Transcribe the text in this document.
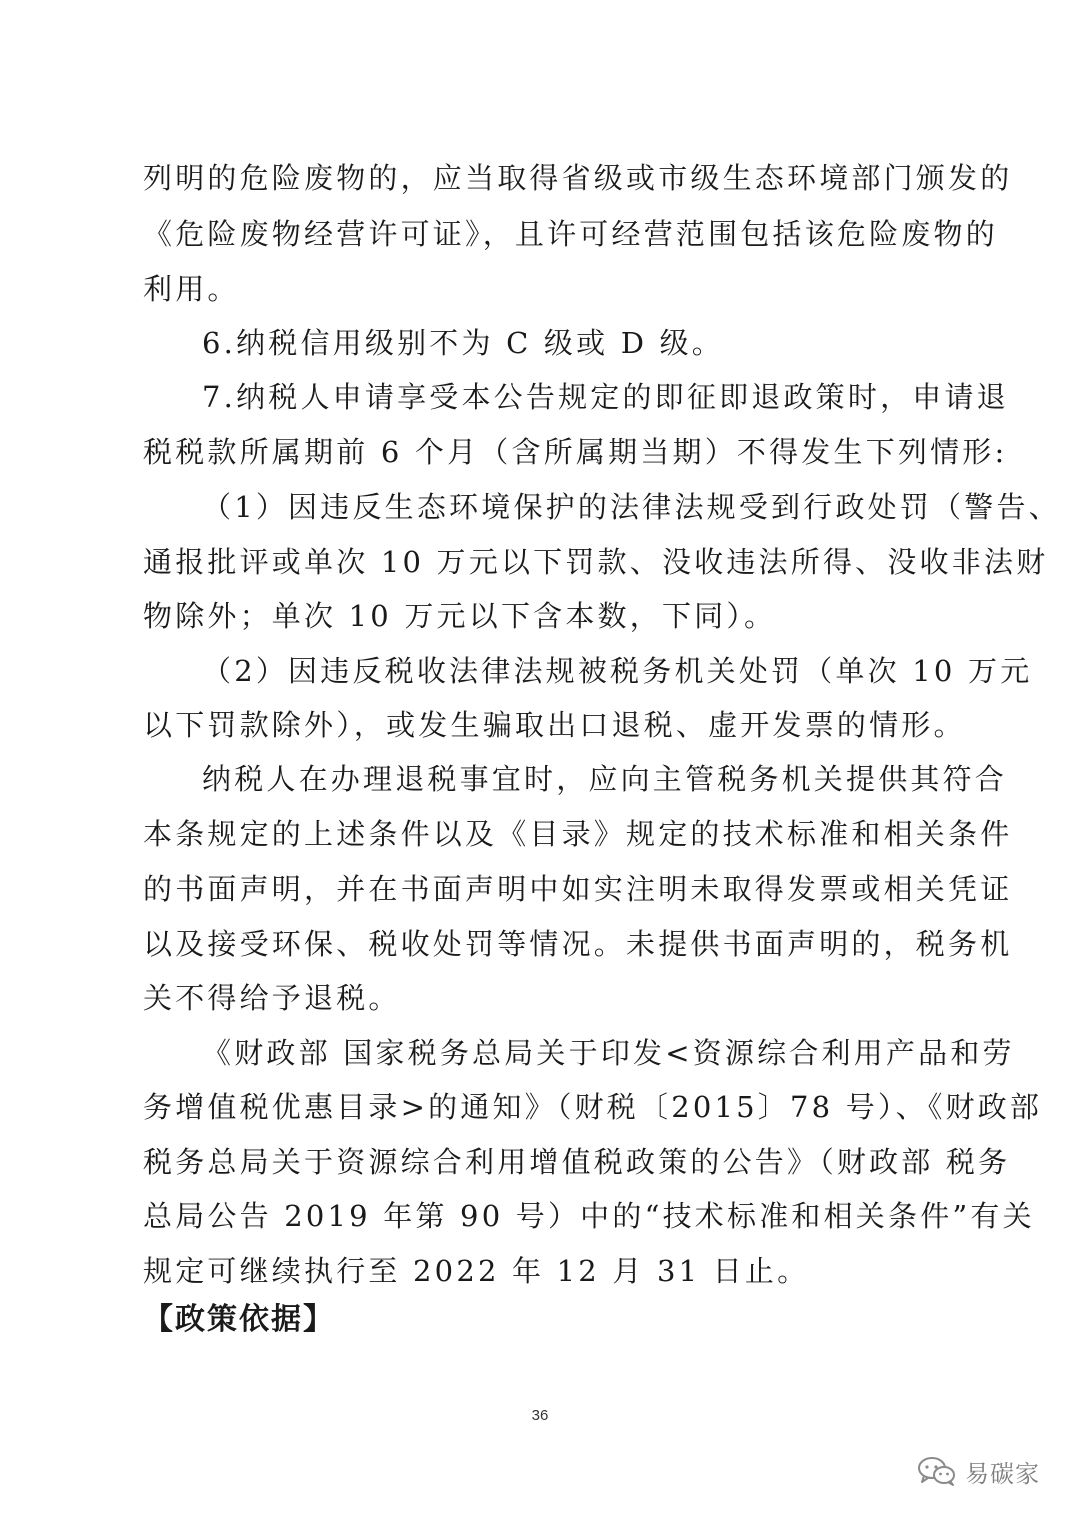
列明的危险废物的，应当取得省级或市级生态环境部门颁发的
《危险废物经营许可证》，且许可经营范围包括该危险废物的
利用。
6.纳税信用级别不为 C 级或 D 级。
7.纳税人申请享受本公告规定的即征即退政策时，申请退
税税款所属期前 6 个月（含所属期当期）不得发生下列情形:
（1）因违反生态环境保护的法律法规受到行政处罚（警告、
通报批评或单次 10 万元以下罚款、没收违法所得、没收非法财
物除外；单次 10 万元以下含本数，下同）。
（2）因违反税收法律法规被税务机关处罚（单次 10 万元
以下罚款除外），或发生骗取出口退税、虚开发票的情形。
纳税人在办理退税事宜时，应向主管税务机关提供其符合
本条规定的上述条件以及《目录》规定的技术标准和相关条件
的书面声明，并在书面声明中如实注明未取得发票或相关凭证
以及接受环保、税收处罚等情况。未提供书面声明的，税务机
关不得给予退税。
《财政部 国家税务总局关于印发<资源综合利用产品和劳
务增值税优惠目录>的通知》（财税〔2015〕78 号）、《财政部
税务总局关于资源综合利用增值税政策的公告》（财政部 税务
总局公告 2019 年第 90 号）中的“技术标准和相关条件”有关
规定可继续执行至 2022 年 12 月 31 日止。
【政策依据】
36
易碳家
